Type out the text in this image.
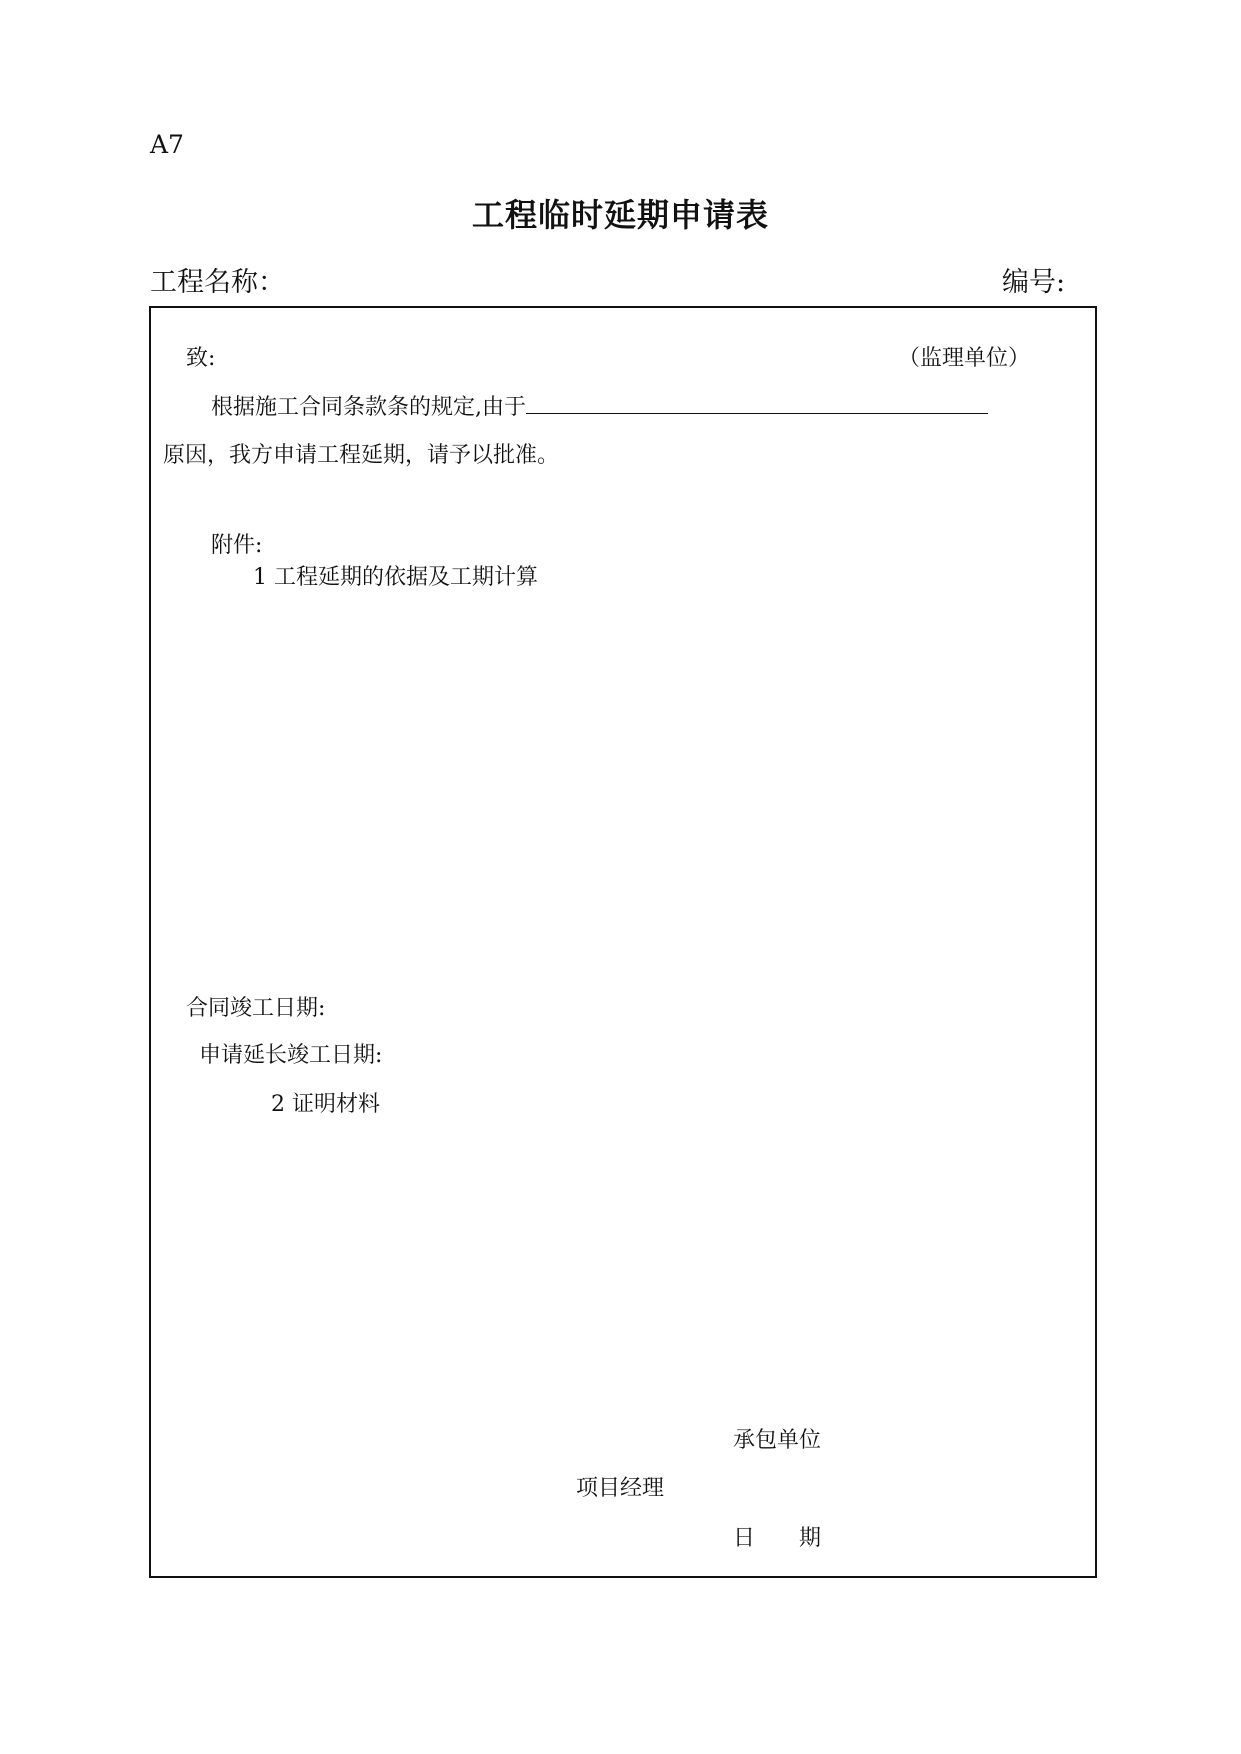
A7
工程临时延期申请表
工程名称：	编号:
致:	（监理单位）
根据施工合同条款条的规定,由于
原因，我方申请工程延期，请予以批准。
附件:
1 工程延期的依据及工期计算
合同竣工日期:
申请延长竣工日期:
2 证明材料
承包单位
项目经理
日　　期
